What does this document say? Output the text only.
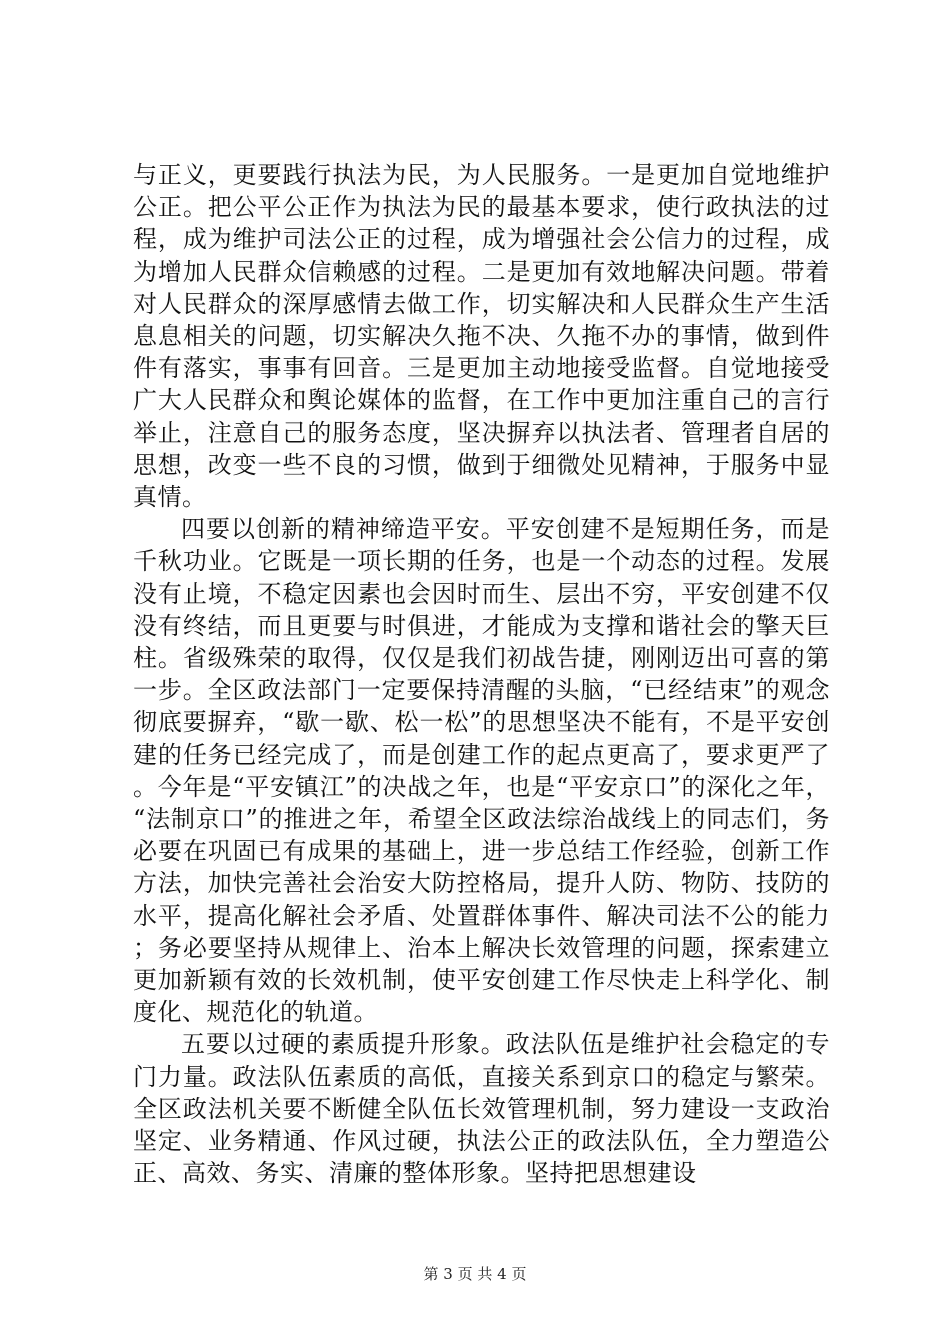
与正义，更要践行执法为民，为人民服务。一是更加自觉地维护公正。把公平公正作为执法为民的最基本要求，使行政执法的过程，成为维护司法公正的过程，成为增强社会公信力的过程，成为增加人民群众信赖感的过程。二是更加有效地解决问题。带着对人民群众的深厚感情去做工作，切实解决和人民群众生产生活息息相关的问题，切实解决久拖不决、久拖不办的事情，做到件件有落实，事事有回音。三是更加主动地接受监督。自觉地接受广大人民群众和舆论媒体的监督，在工作中更加注重自己的言行举止，注意自己的服务态度，坚决摒弃以执法者、管理者自居的思想，改变一些不良的习惯，做到于细微处见精神，于服务中显真情。

四要以创新的精神缔造平安。平安创建不是短期任务，而是千秋功业。它既是一项长期的任务，也是一个动态的过程。发展没有止境，不稳定因素也会因时而生、层出不穷，平安创建不仅没有终结，而且更要与时俱进，才能成为支撑和谐社会的擎天巨柱。省级殊荣的取得，仅仅是我们初战告捷，刚刚迈出可喜的第一步。全区政法部门一定要保持清醒的头脑，“已经结束”的观念彻底要摒弃，“歇一歇、松一松”的思想坚决不能有，不是平安创建的任务已经完成了，而是创建工作的起点更高了，要求更严了。今年是“平安镇江”的决战之年，也是“平安京口”的深化之年，“法制京口”的推进之年，希望全区政法综治战线上的同志们，务必要在巩固已有成果的基础上，进一步总结工作经验，创新工作方法，加快完善社会治安大防控格局，提升人防、物防、技防的水平，提高化解社会矛盾、处置群体事件、解决司法不公的能力；务必要坚持从规律上、治本上解决长效管理的问题，探索建立更加新颖有效的长效机制，使平安创建工作尽快走上科学化、制度化、规范化的轨道。

五要以过硬的素质提升形象。政法队伍是维护社会稳定的专门力量。政法队伍素质的高低，直接关系到京口的稳定与繁荣。全区政法机关要不断健全队伍长效管理机制，努力建设一支政治坚定、业务精通、作风过硬，执法公正的政法队伍，全力塑造公正、高效、务实、清廉的整体形象。坚持把思想建设

第 3 页 共 4 页
